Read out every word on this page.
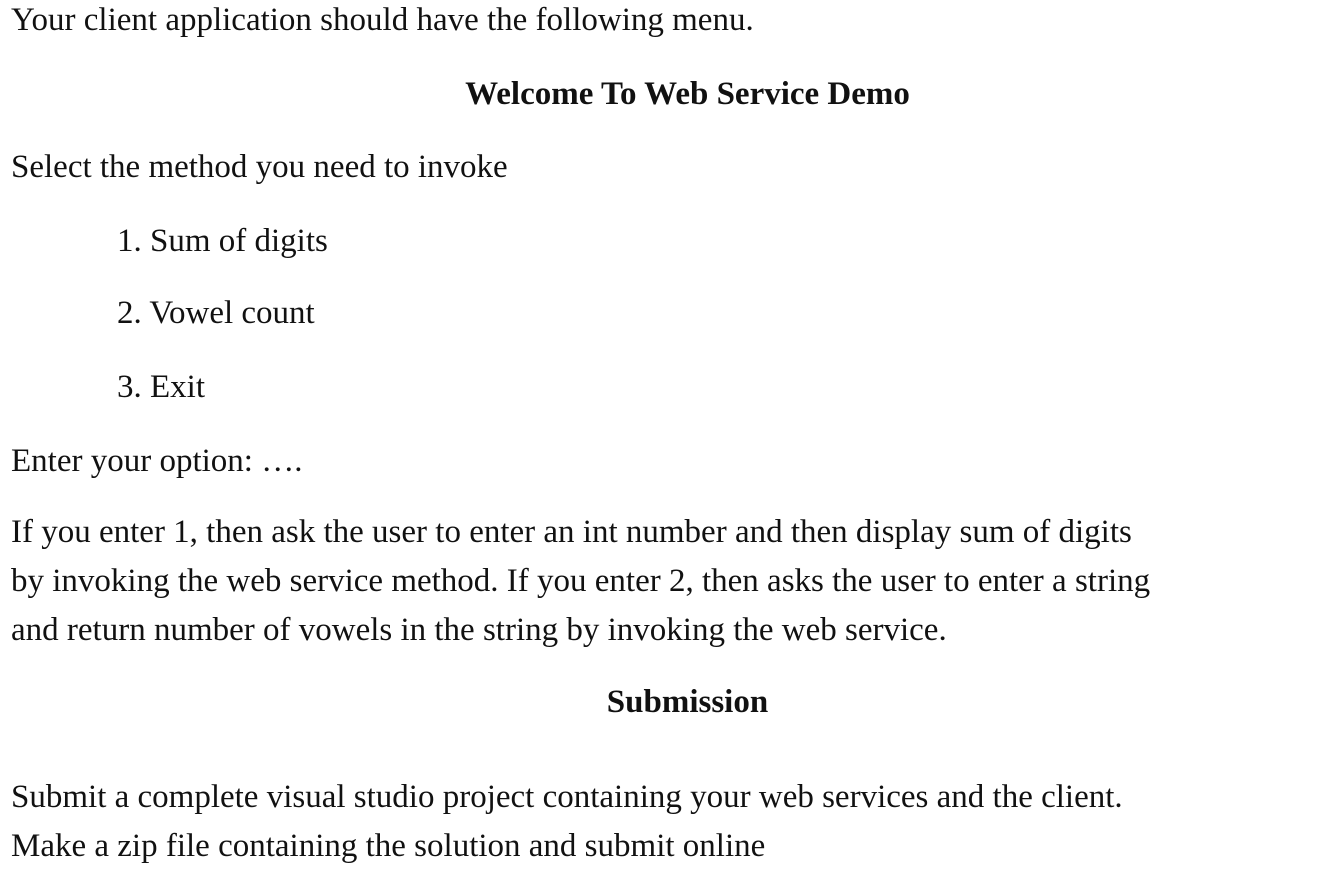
Your client application should have the following menu.
Welcome To Web Service Demo
Select the method you need to invoke
1. Sum of digits
2. Vowel count
3. Exit
Enter your option: ….
If you enter 1, then ask the user to enter an int number and then display sum of digits
by invoking the web service method. If you enter 2, then asks the user to enter a string
and return number of vowels in the string by invoking the web service.
Submission
Submit a complete visual studio project containing your web services and the client.
Make a zip file containing the solution and submit online
